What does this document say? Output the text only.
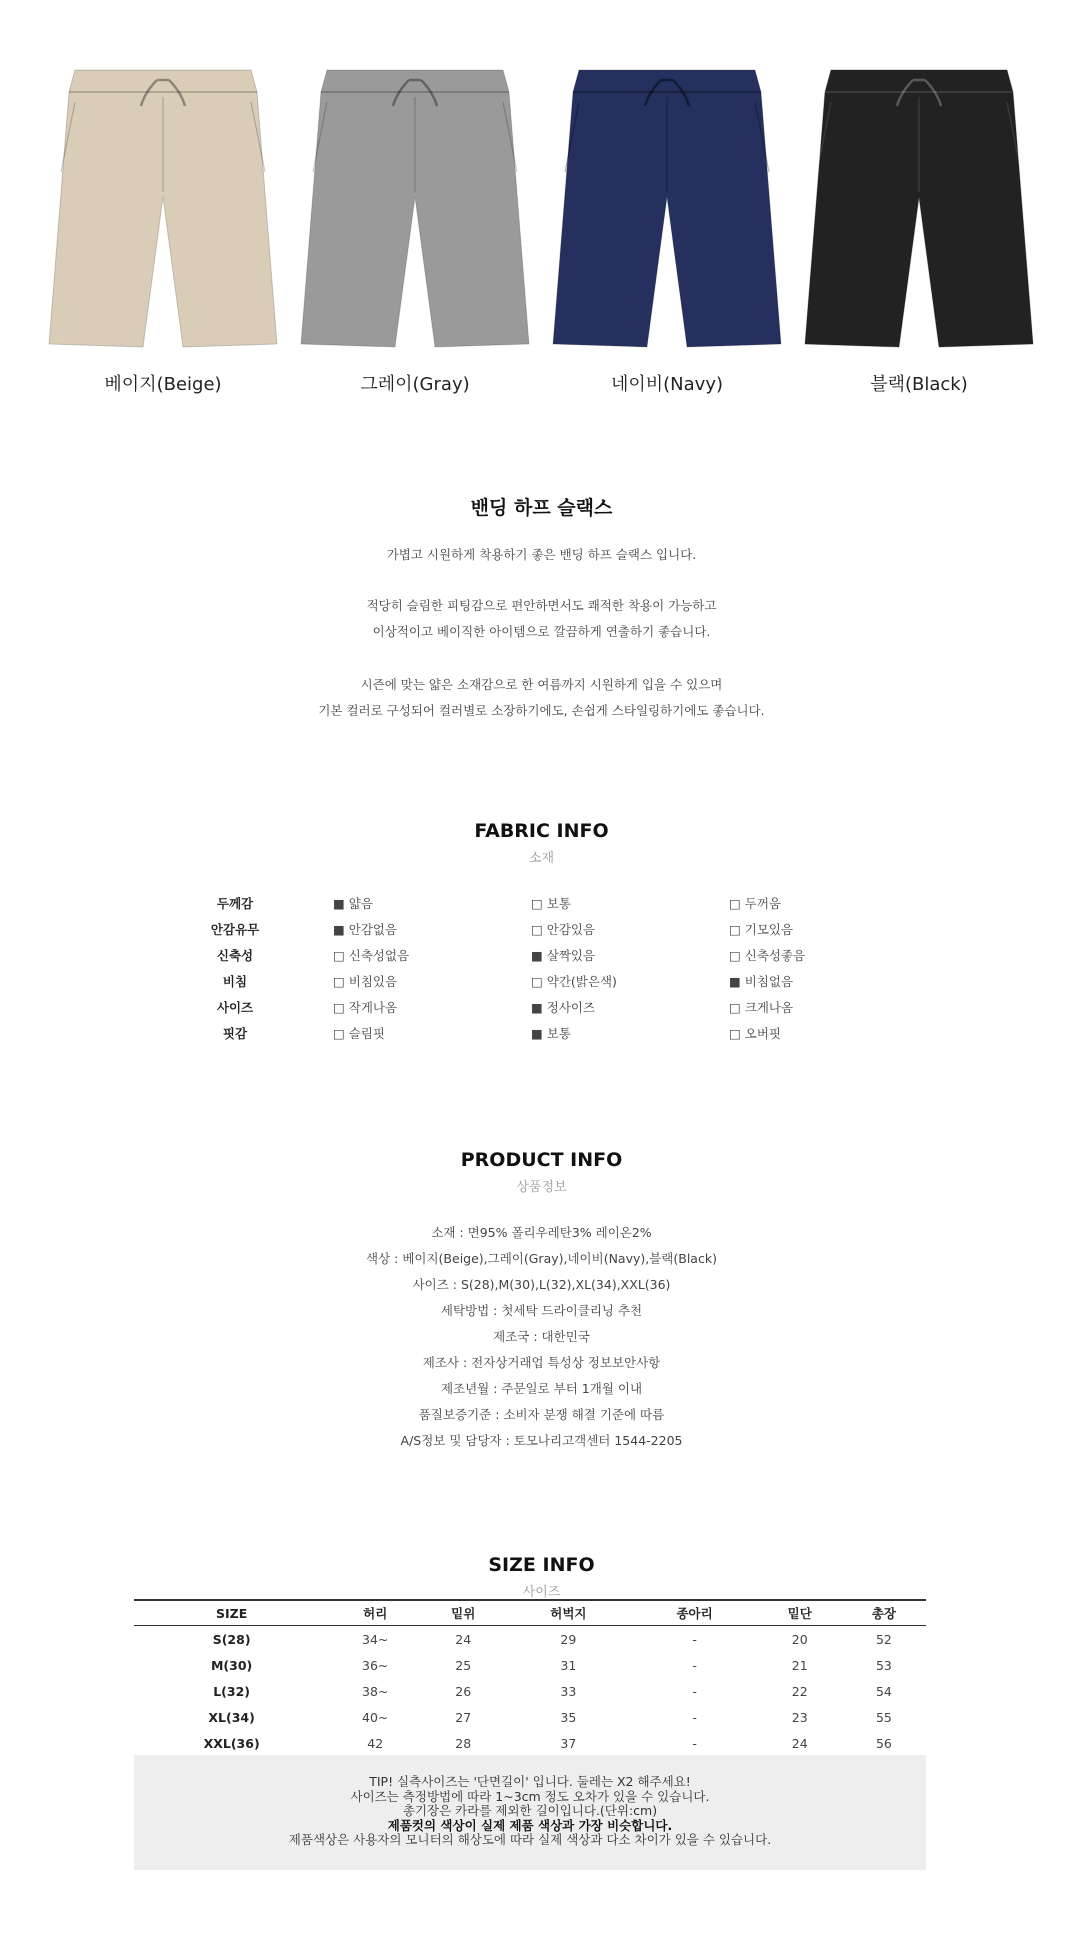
베이지(Beige)	그레이(Gray)	네이비(Navy)	블랙(Black)
밴딩 하프 슬랙스
가볍고 시원하게 착용하기 좋은 밴딩 하프 슬랙스 입니다.
적당히 슬림한 피팅감으로 편안하면서도 쾌적한 착용이 가능하고
이상적이고 베이직한 아이템으로 깔끔하게 연출하기 좋습니다.
시즌에 맞는 얇은 소재감으로 한 여름까지 시원하게 입을 수 있으며
기본 컬러로 구성되어 컬러별로 소장하기에도, 손쉽게 스타일링하기에도 좋습니다.
FABRIC INFO
소재
두께감	■ 얇음	□ 보통	□ 두꺼움
안감유무	■ 안감없음	□ 안감있음	□ 기모있음
신축성	□ 신축성없음	■ 살짝있음	□ 신축성좋음
비침	□ 비침있음	□ 약간(밝은색)	■ 비침없음
사이즈	□ 작게나옴	■ 정사이즈	□ 크게나옴
핏감	□ 슬림핏	■ 보통	□ 오버핏
PRODUCT INFO
상품정보
소재 : 면95% 폴리우레탄3% 레이온2%
색상 : 베이지(Beige),그레이(Gray),네이비(Navy),블랙(Black)
사이즈 : S(28),M(30),L(32),XL(34),XXL(36)
세탁방법 : 첫세탁 드라이클리닝 추천
제조국 : 대한민국
제조사 : 전자상거래업 특성상 정보보안사항
제조년월 : 주문일로 부터 1개월 이내
품질보증기준 : 소비자 분쟁 해결 기준에 따름
A/S정보 및 담당자 : 토모나리고객센터 1544-2205
SIZE INFO
사이즈
SIZE	허리	밑위	허벅지	종아리	밑단	총장
S(28)	34~	24	29	-	20	52
M(30)	36~	25	31	-	21	53
L(32)	38~	26	33	-	22	54
XL(34)	40~	27	35	-	23	55
XXL(36)	42	28	37	-	24	56
TIP! 실측사이즈는 '단면길이' 입니다. 둘레는 X2 해주세요!
사이즈는 측정방법에 따라 1~3cm 정도 오차가 있을 수 있습니다.
총기장은 카라를 제외한 길이입니다.(단위:cm)
제품컷의 색상이 실제 제품 색상과 가장 비슷합니다.
제품색상은 사용자의 모니터의 해상도에 따라 실제 색상과 다소 차이가 있을 수 있습니다.
